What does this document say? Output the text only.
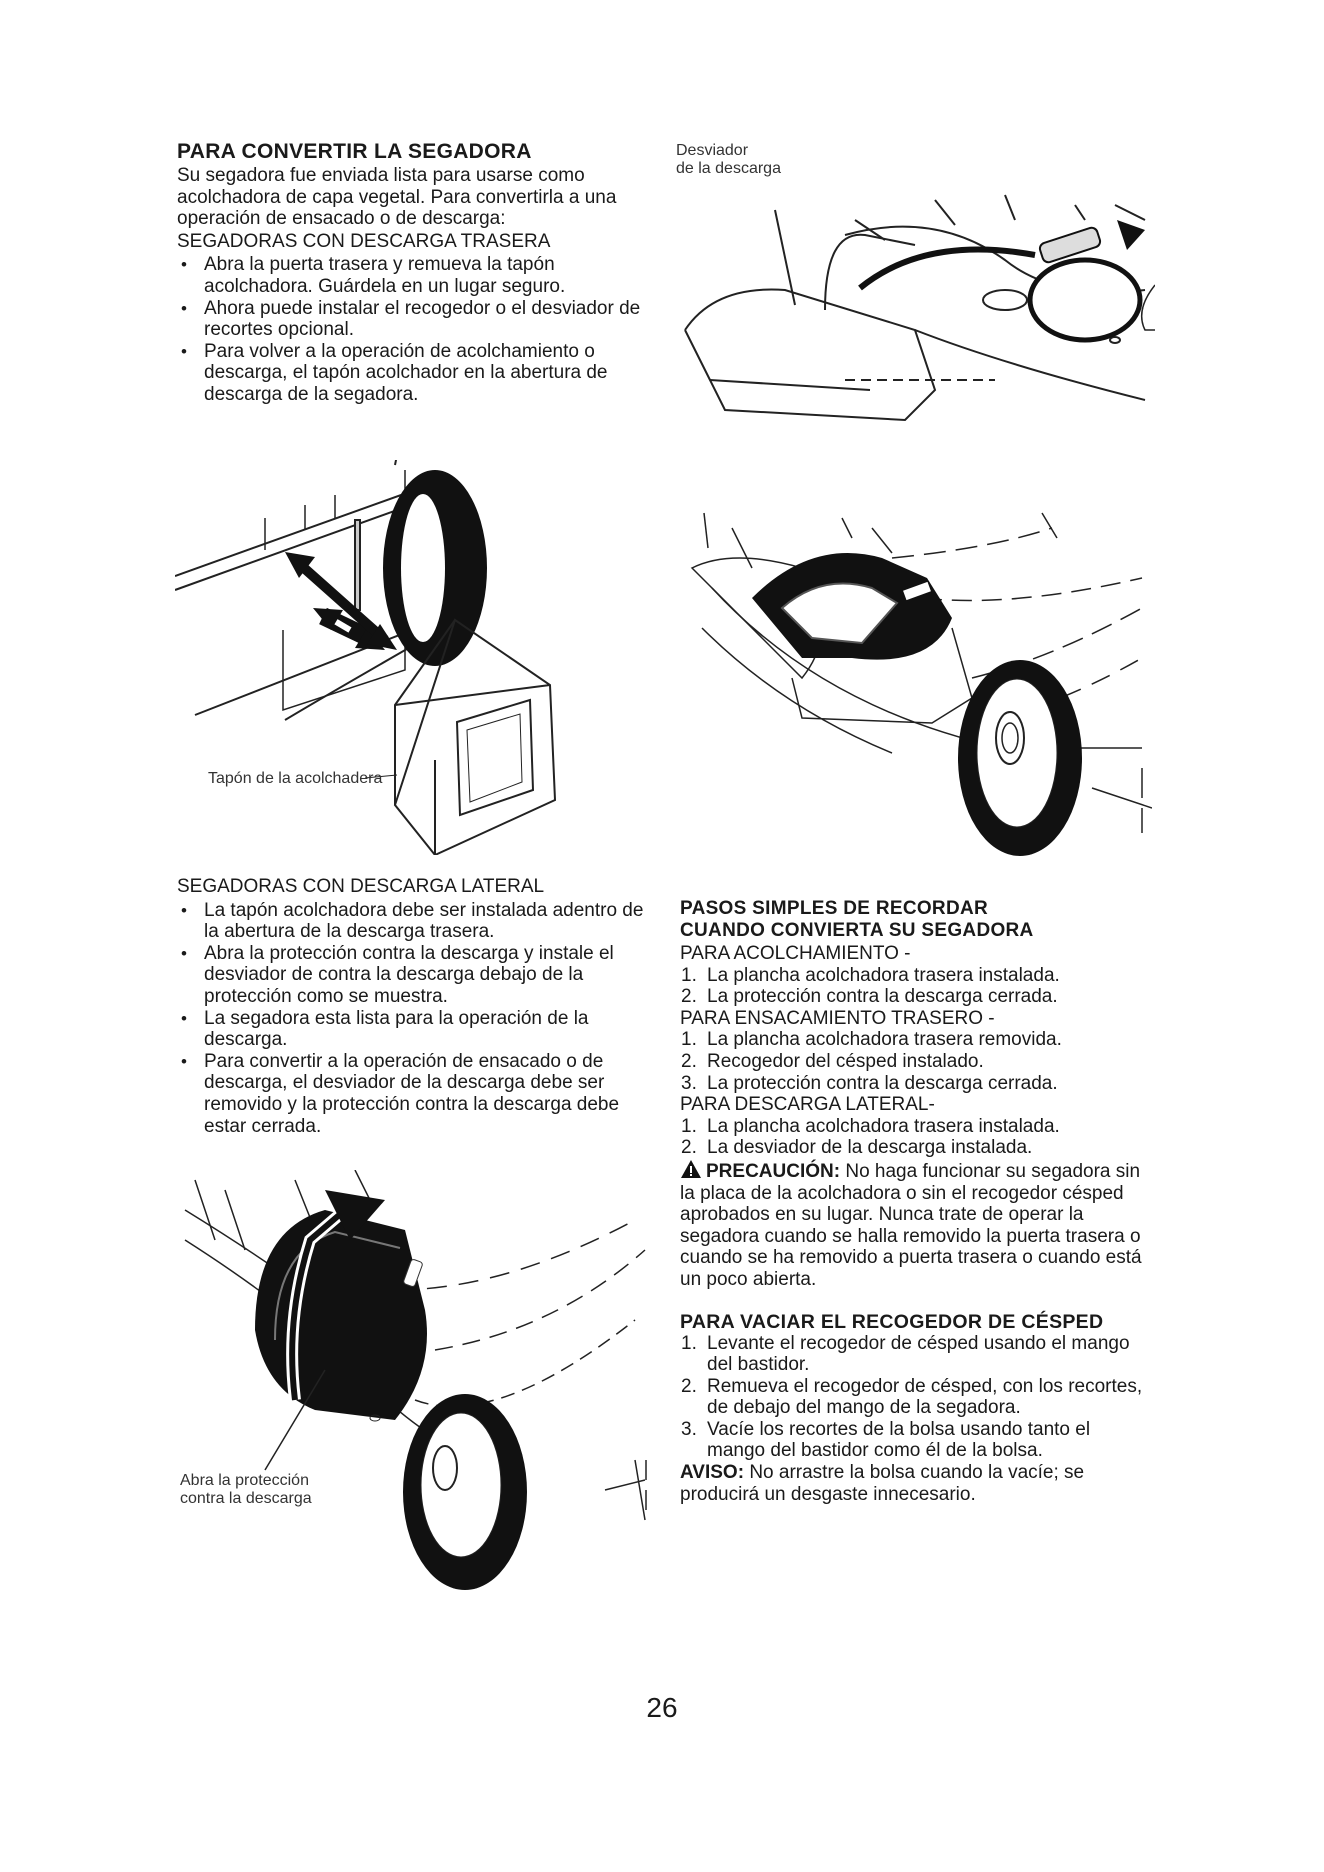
PARA CONVERTIR LA SEGADORA
Su segadora fue enviada lista para usarse como acolchadora de capa vegetal. Para convertirla a una operación de ensacado o de descarga:
SEGADORAS CON DESCARGA TRASERA
• Abra la puerta trasera y remueva la tapón acolchadora. Guárdela en un lugar seguro.
• Ahora puede instalar el recogedor o el desviador de recortes opcional.
• Para volver a la operación de acolchamiento o descarga, el tapón acolchador en la abertura de descarga de la segadora.
Tapón de la acolchadera
SEGADORAS CON DESCARGA LATERAL
• La tapón acolchadora debe ser instalada adentro de la abertura de la descarga trasera.
• Abra la protección contra la descarga y instale el desviador de contra la descarga debajo de la protección como se muestra.
• La segadora esta lista para la operación de la descarga.
• Para convertir a la operación de ensacado o de descarga, el desviador de la descarga debe ser removido y la protección contra la descarga debe estar cerrada.
Abra la protección
contra la descarga
Desviador
de la descarga
PASOS SIMPLES DE RECORDAR
CUANDO CONVIERTA SU SEGADORA
PARA ACOLCHAMIENTO -
1. La plancha acolchadora trasera instalada.
2. La protección contra la descarga cerrada.
PARA ENSACAMIENTO TRASERO -
1. La plancha acolchadora trasera removida.
2. Recogedor del césped instalado.
3. La protección contra la descarga cerrada.
PARA DESCARGA LATERAL-
1. La plancha acolchadora trasera instalada.
2. La desviador de la descarga instalada.
PRECAUCIÓN: No haga funcionar su segadora sin la placa de la acolchadora o sin el recogedor césped aprobados en su lugar. Nunca trate de operar la segadora cuando se halla removido la puerta trasera o cuando se ha removido a puerta trasera o cuando está un poco abierta.
PARA VACIAR EL RECOGEDOR DE CÉSPED
1. Levante el recogedor de césped usando el mango del bastidor.
2. Remueva el recogedor de césped, con los recortes, de debajo del mango de la segadora.
3. Vacíe los recortes de la bolsa usando tanto el mango del bastidor como él de la bolsa.
AVISO: No arrastre la bolsa cuando la vacíe; se producirá un desgaste innecesario.
26
